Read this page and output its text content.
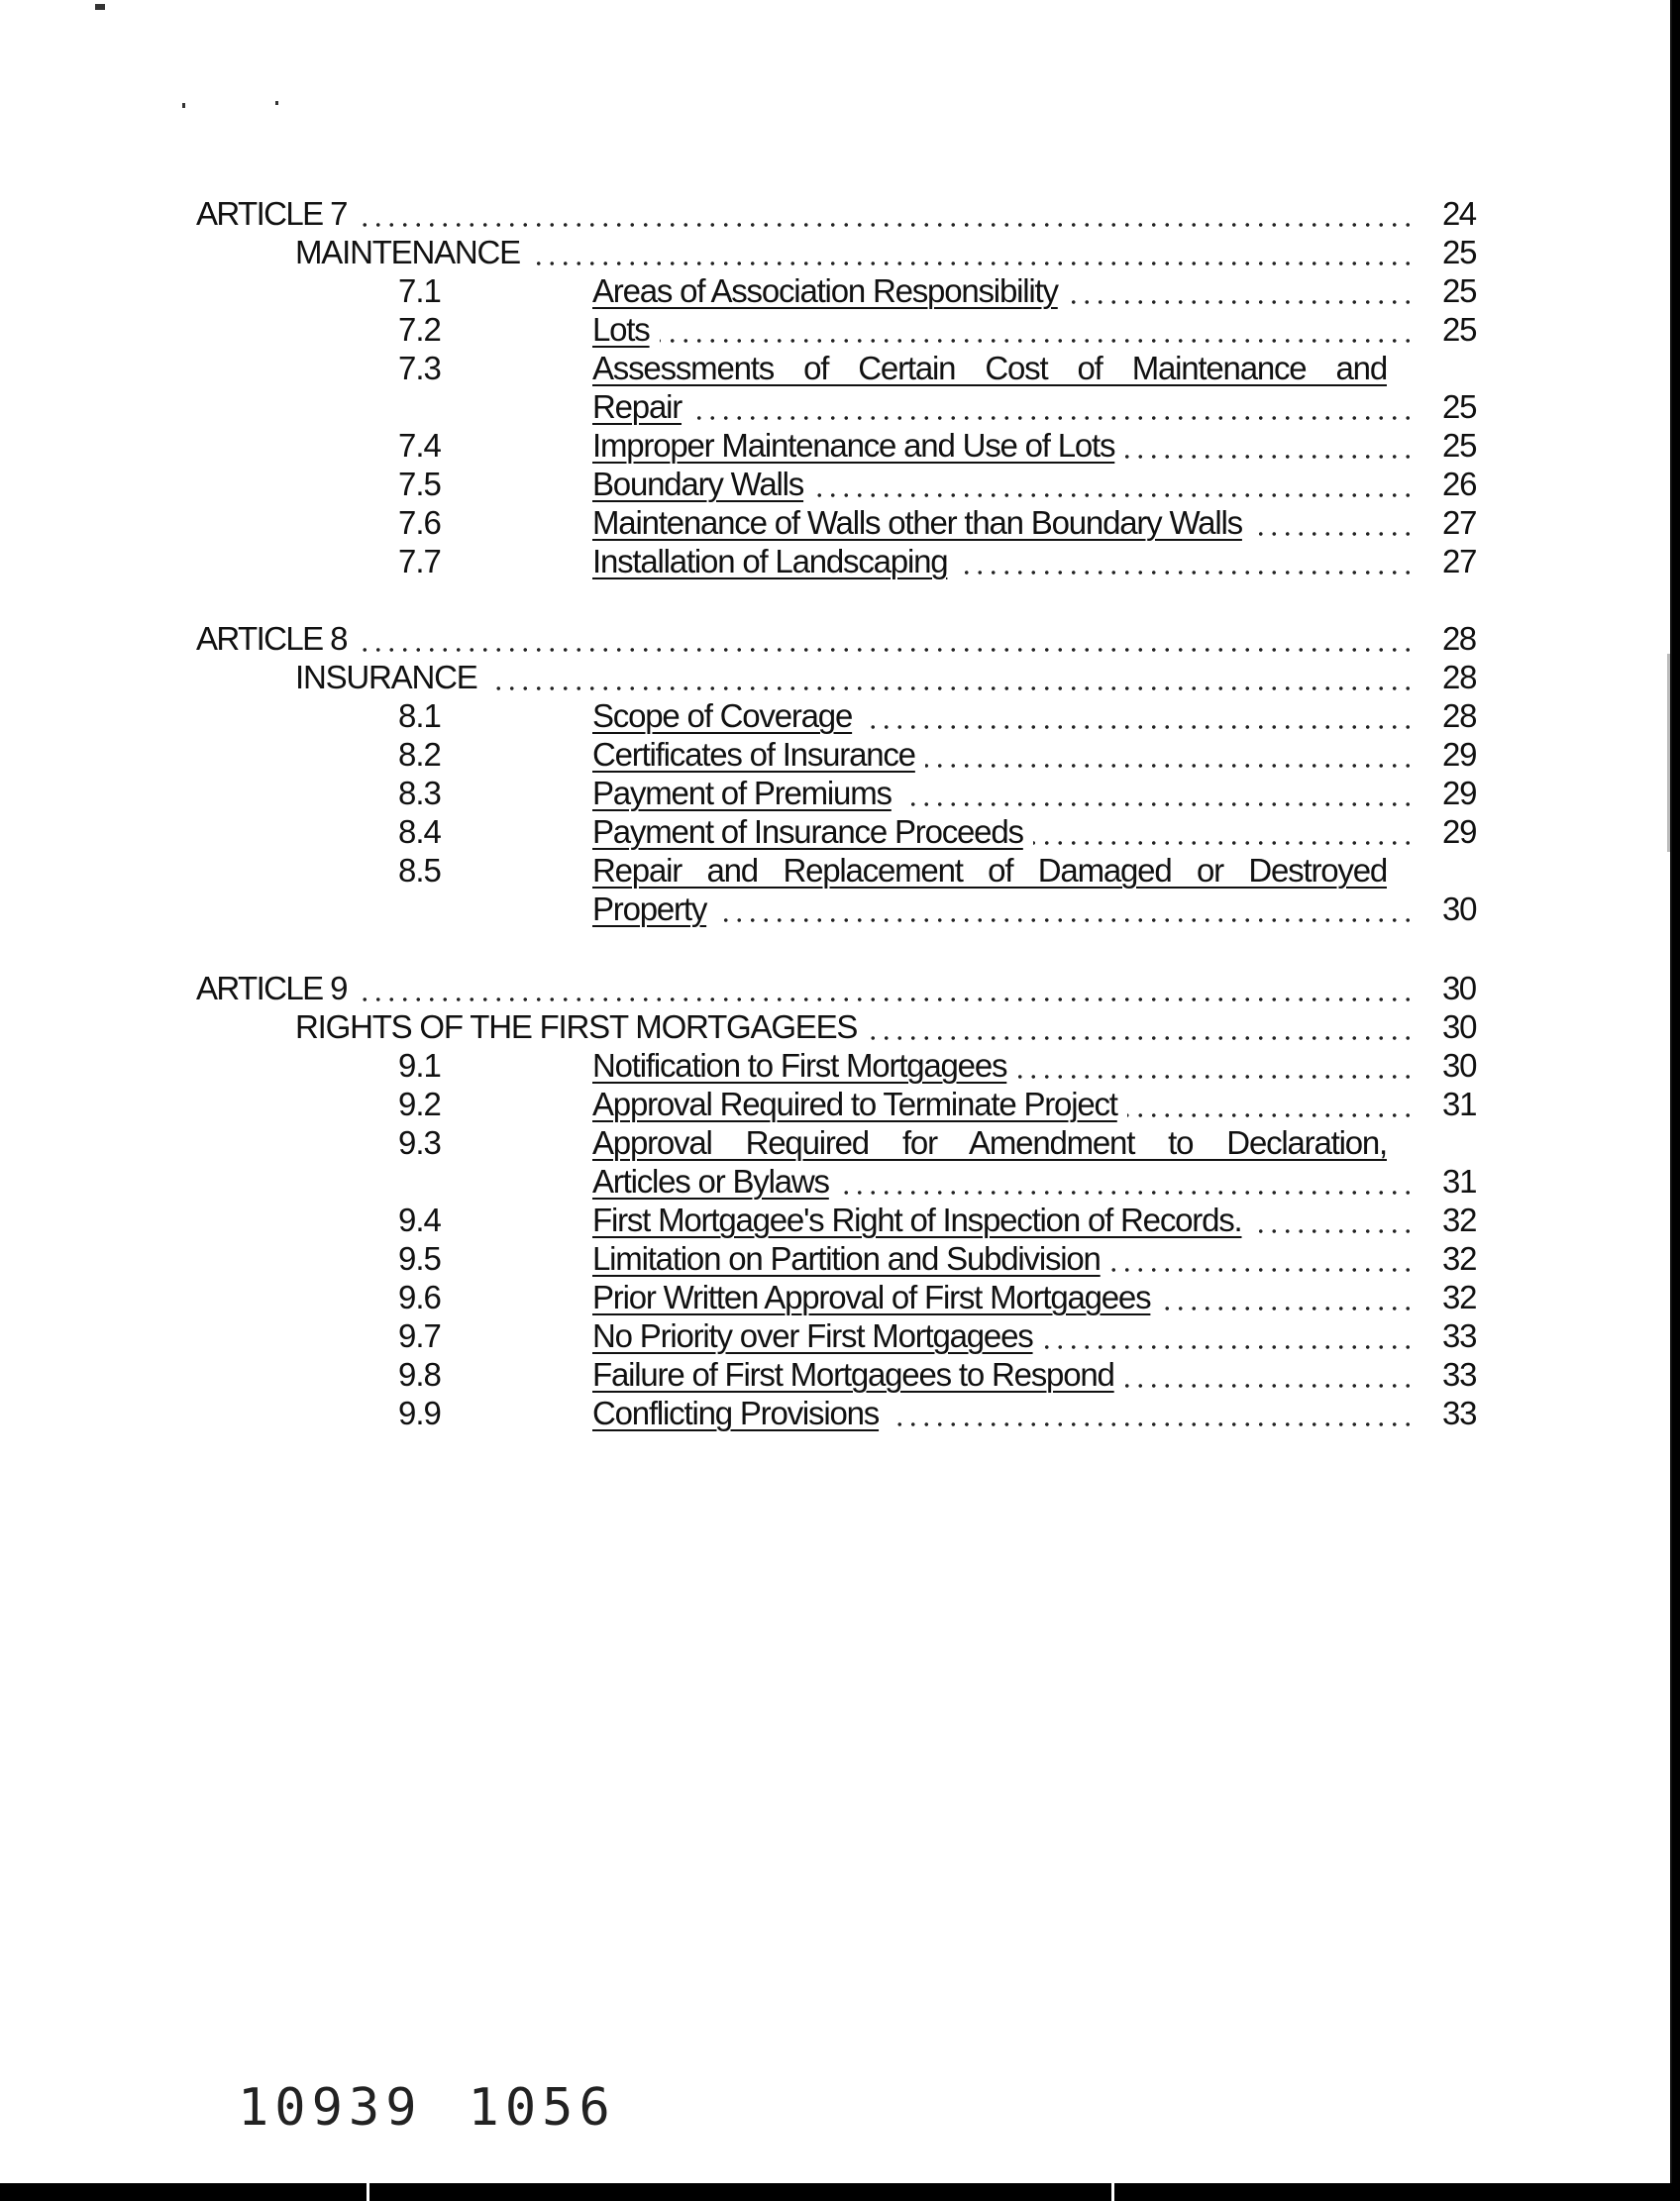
ARTICLE 7	24
MAINTENANCE	25
7.1	Areas of Association Responsibility	25
7.2	Lots	25
7.3	Assessments of Certain Cost of Maintenance and
Repair	25
7.4	Improper Maintenance and Use of Lots	25
7.5	Boundary Walls	26
7.6	Maintenance of Walls other than Boundary Walls	27
7.7	Installation of Landscaping	27
ARTICLE 8	28
INSURANCE	28
8.1	Scope of Coverage	28
8.2	Certificates of Insurance	29
8.3	Payment of Premiums	29
8.4	Payment of Insurance Proceeds	29
8.5	Repair and Replacement of Damaged or Destroyed
Property	30
ARTICLE 9	30
RIGHTS OF THE FIRST MORTGAGEES	30
9.1	Notification to First Mortgagees	30
9.2	Approval Required to Terminate Project	31
9.3	Approval Required for Amendment to Declaration,
Articles or Bylaws	31
9.4	First Mortgagee's Right of Inspection of Records.	32
9.5	Limitation on Partition and Subdivision	32
9.6	Prior Written Approval of First Mortgagees	32
9.7	No Priority over First Mortgagees	33
9.8	Failure of First Mortgagees to Respond	33
9.9	Conflicting Provisions	33
10939 1056
